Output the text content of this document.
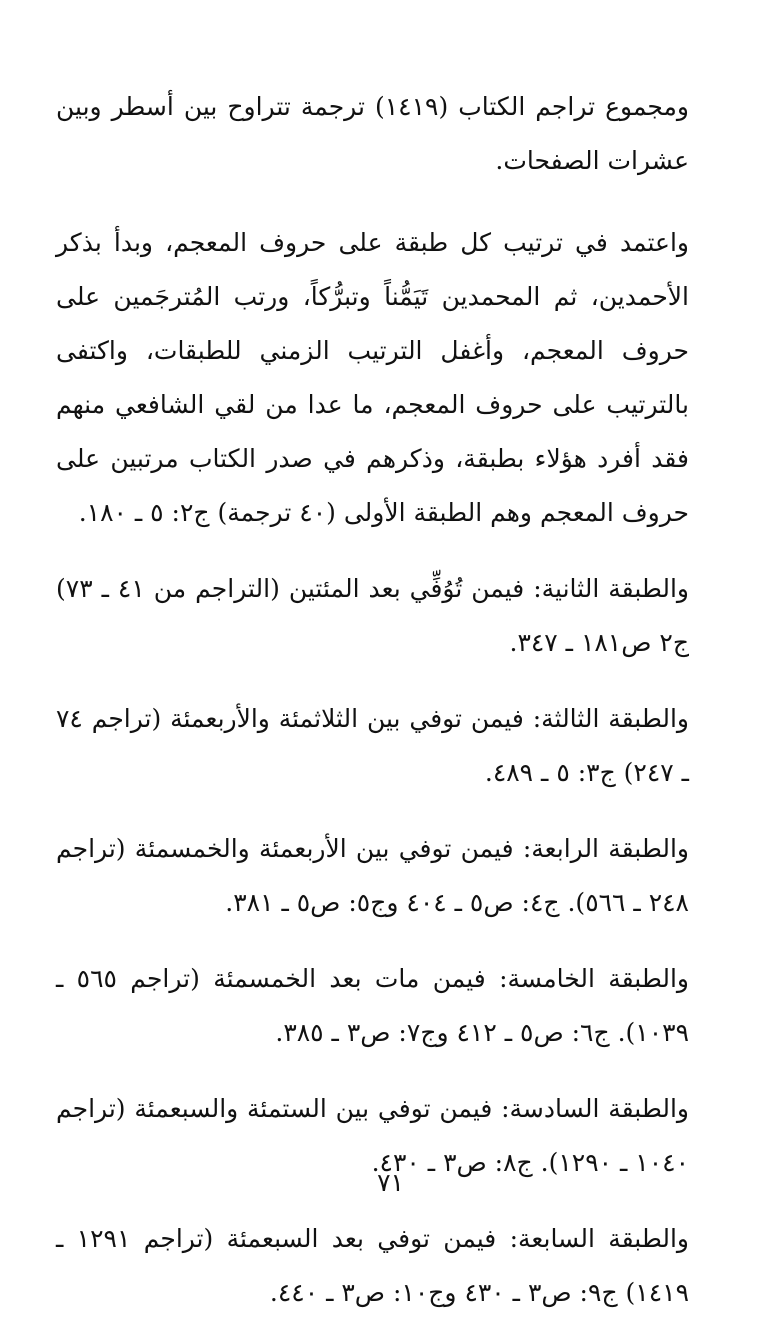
ومجموع تراجم الكتاب (١٤١٩) ترجمة تتراوح بين أسطر وبين عشرات الصفحات.

واعتمد في ترتيب كل طبقة على حروف المعجم، وبدأ بذكر الأحمدين، ثم المحمدين تَيَمُّناً وتبرُّكاً، ورتب المُترجَمين على حروف المعجم، وأغفل الترتيب الزمني للطبقات، واكتفى بالترتيب على حروف المعجم، ما عدا من لقي الشافعي منهم فقد أفرد هؤلاء بطبقة، وذكرهم في صدر الكتاب مرتبين على حروف المعجم وهم الطبقة الأولى (٤٠ ترجمة) ج٢: ٥ ـ ١٨٠.

والطبقة الثانية: فيمن تُوُفِّي بعد المئتين (التراجم من ٤١ ـ ٧٣) ج٢ ص١٨١ ـ ٣٤٧.

والطبقة الثالثة: فيمن توفي بين الثلاثمئة والأربعمئة (تراجم ٧٤ ـ ٢٤٧) ج٣: ٥ ـ ٤٨٩.

والطبقة الرابعة: فيمن توفي بين الأربعمئة والخمسمئة (تراجم ٢٤٨ ـ ٥٦٦). ج٤: ص٥ ـ ٤٠٤ وج٥: ص٥ ـ ٣٨١.

والطبقة الخامسة: فيمن مات بعد الخمسمئة (تراجم ٥٦٥ ـ ١٠٣٩). ج٦: ص٥ ـ ٤١٢ وج٧: ص٣ ـ ٣٨٥.

والطبقة السادسة: فيمن توفي بين الستمئة والسبعمئة (تراجم ١٠٤٠ ـ ١٢٩٠). ج٨: ص٣ ـ ٤٣٠.

والطبقة السابعة: فيمن توفي بعد السبعمئة (تراجم ١٢٩١ ـ ١٤١٩) ج٩: ص٣ ـ ٤٣٠ وج١٠: ص٣ ـ ٤٤٠.

٧١
